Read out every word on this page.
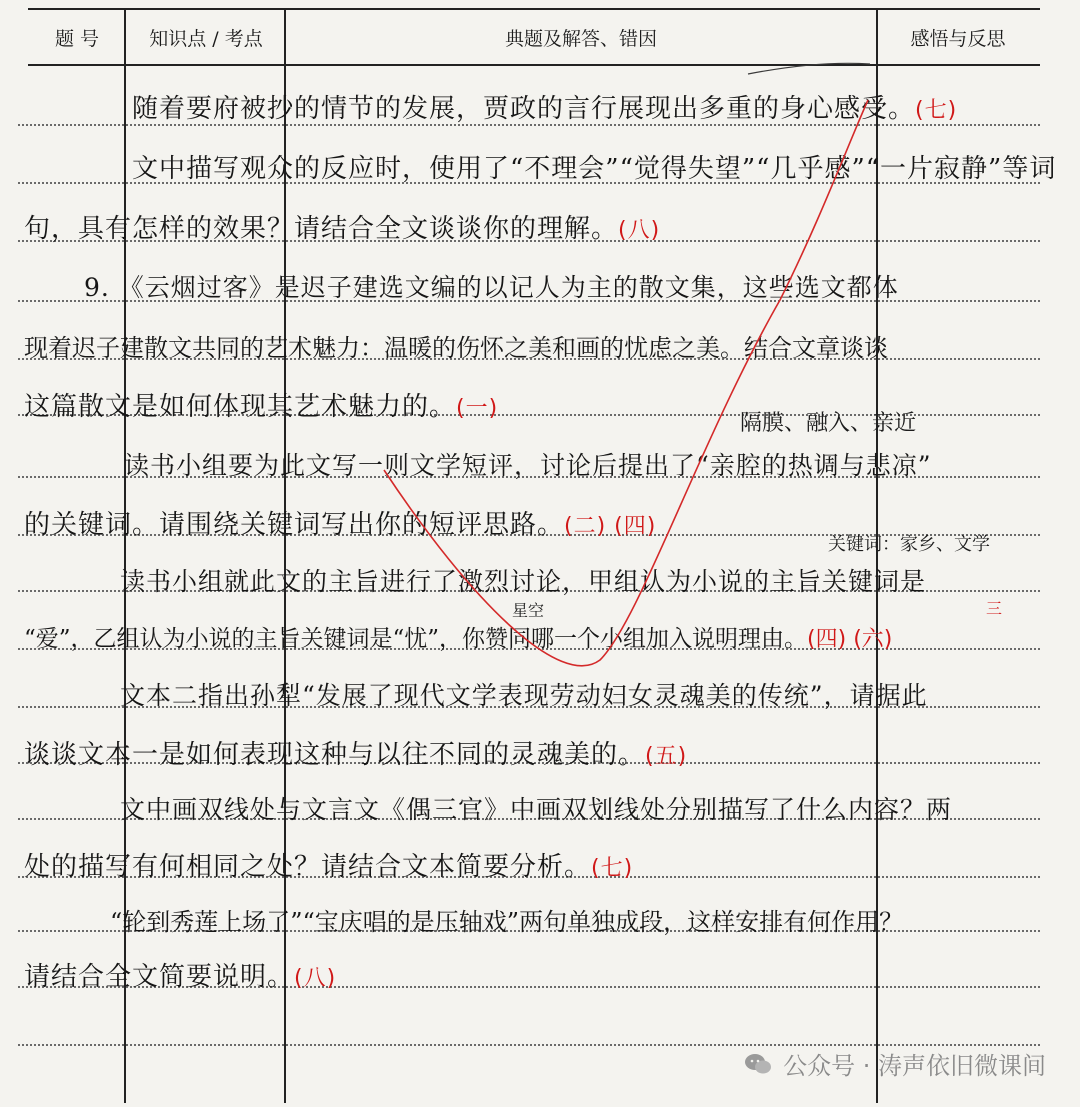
题 号	知识点 / 考点	典题及解答、错因	感悟与反思
随着要府被抄的情节的发展，贾政的言行展现出多重的身心感受。(七)
文中描写观众的反应时，使用了“不理会”“觉得失望”“几乎感”“一片寂静”等词
句，具有怎样的效果？请结合全文谈谈你的理解。(八)
9. 《云烟过客》是迟子建选文编的以记人为主的散文集，这些选文都体
现着迟子建散文共同的艺术魅力：温暖的伤怀之美和画的忧虑之美。结合文章谈谈
这篇散文是如何体现其艺术魅力的。(一)
读书小组要为此文写一则文学短评，讨论后提出了“亲腔的热调与悲凉”
的关键词。请围绕关键词写出你的短评思路。(二) (四)
读书小组就此文的主旨进行了激烈讨论，甲组认为小说的主旨关键词是
“爱”，乙组认为小说的主旨关键词是“忧”，你赞同哪一个小组加入说明理由。(四) (六)
文本二指出孙犁“发展了现代文学表现劳动妇女灵魂美的传统”，请据此
谈谈文本一是如何表现这种与以往不同的灵魂美的。(五)
文中画双线处与文言文《偶三官》中画双划线处分别描写了什么内容？两
处的描写有何相同之处？请结合文本简要分析。(七)
“轮到秀莲上场了”“宝庆唱的是压轴戏”两句单独成段，这样安排有何作用？
请结合全文简要说明。(八)
隔膜、融入、亲近
关键词：家乡、文学
星空	三
公众号 · 涛声依旧微课间
